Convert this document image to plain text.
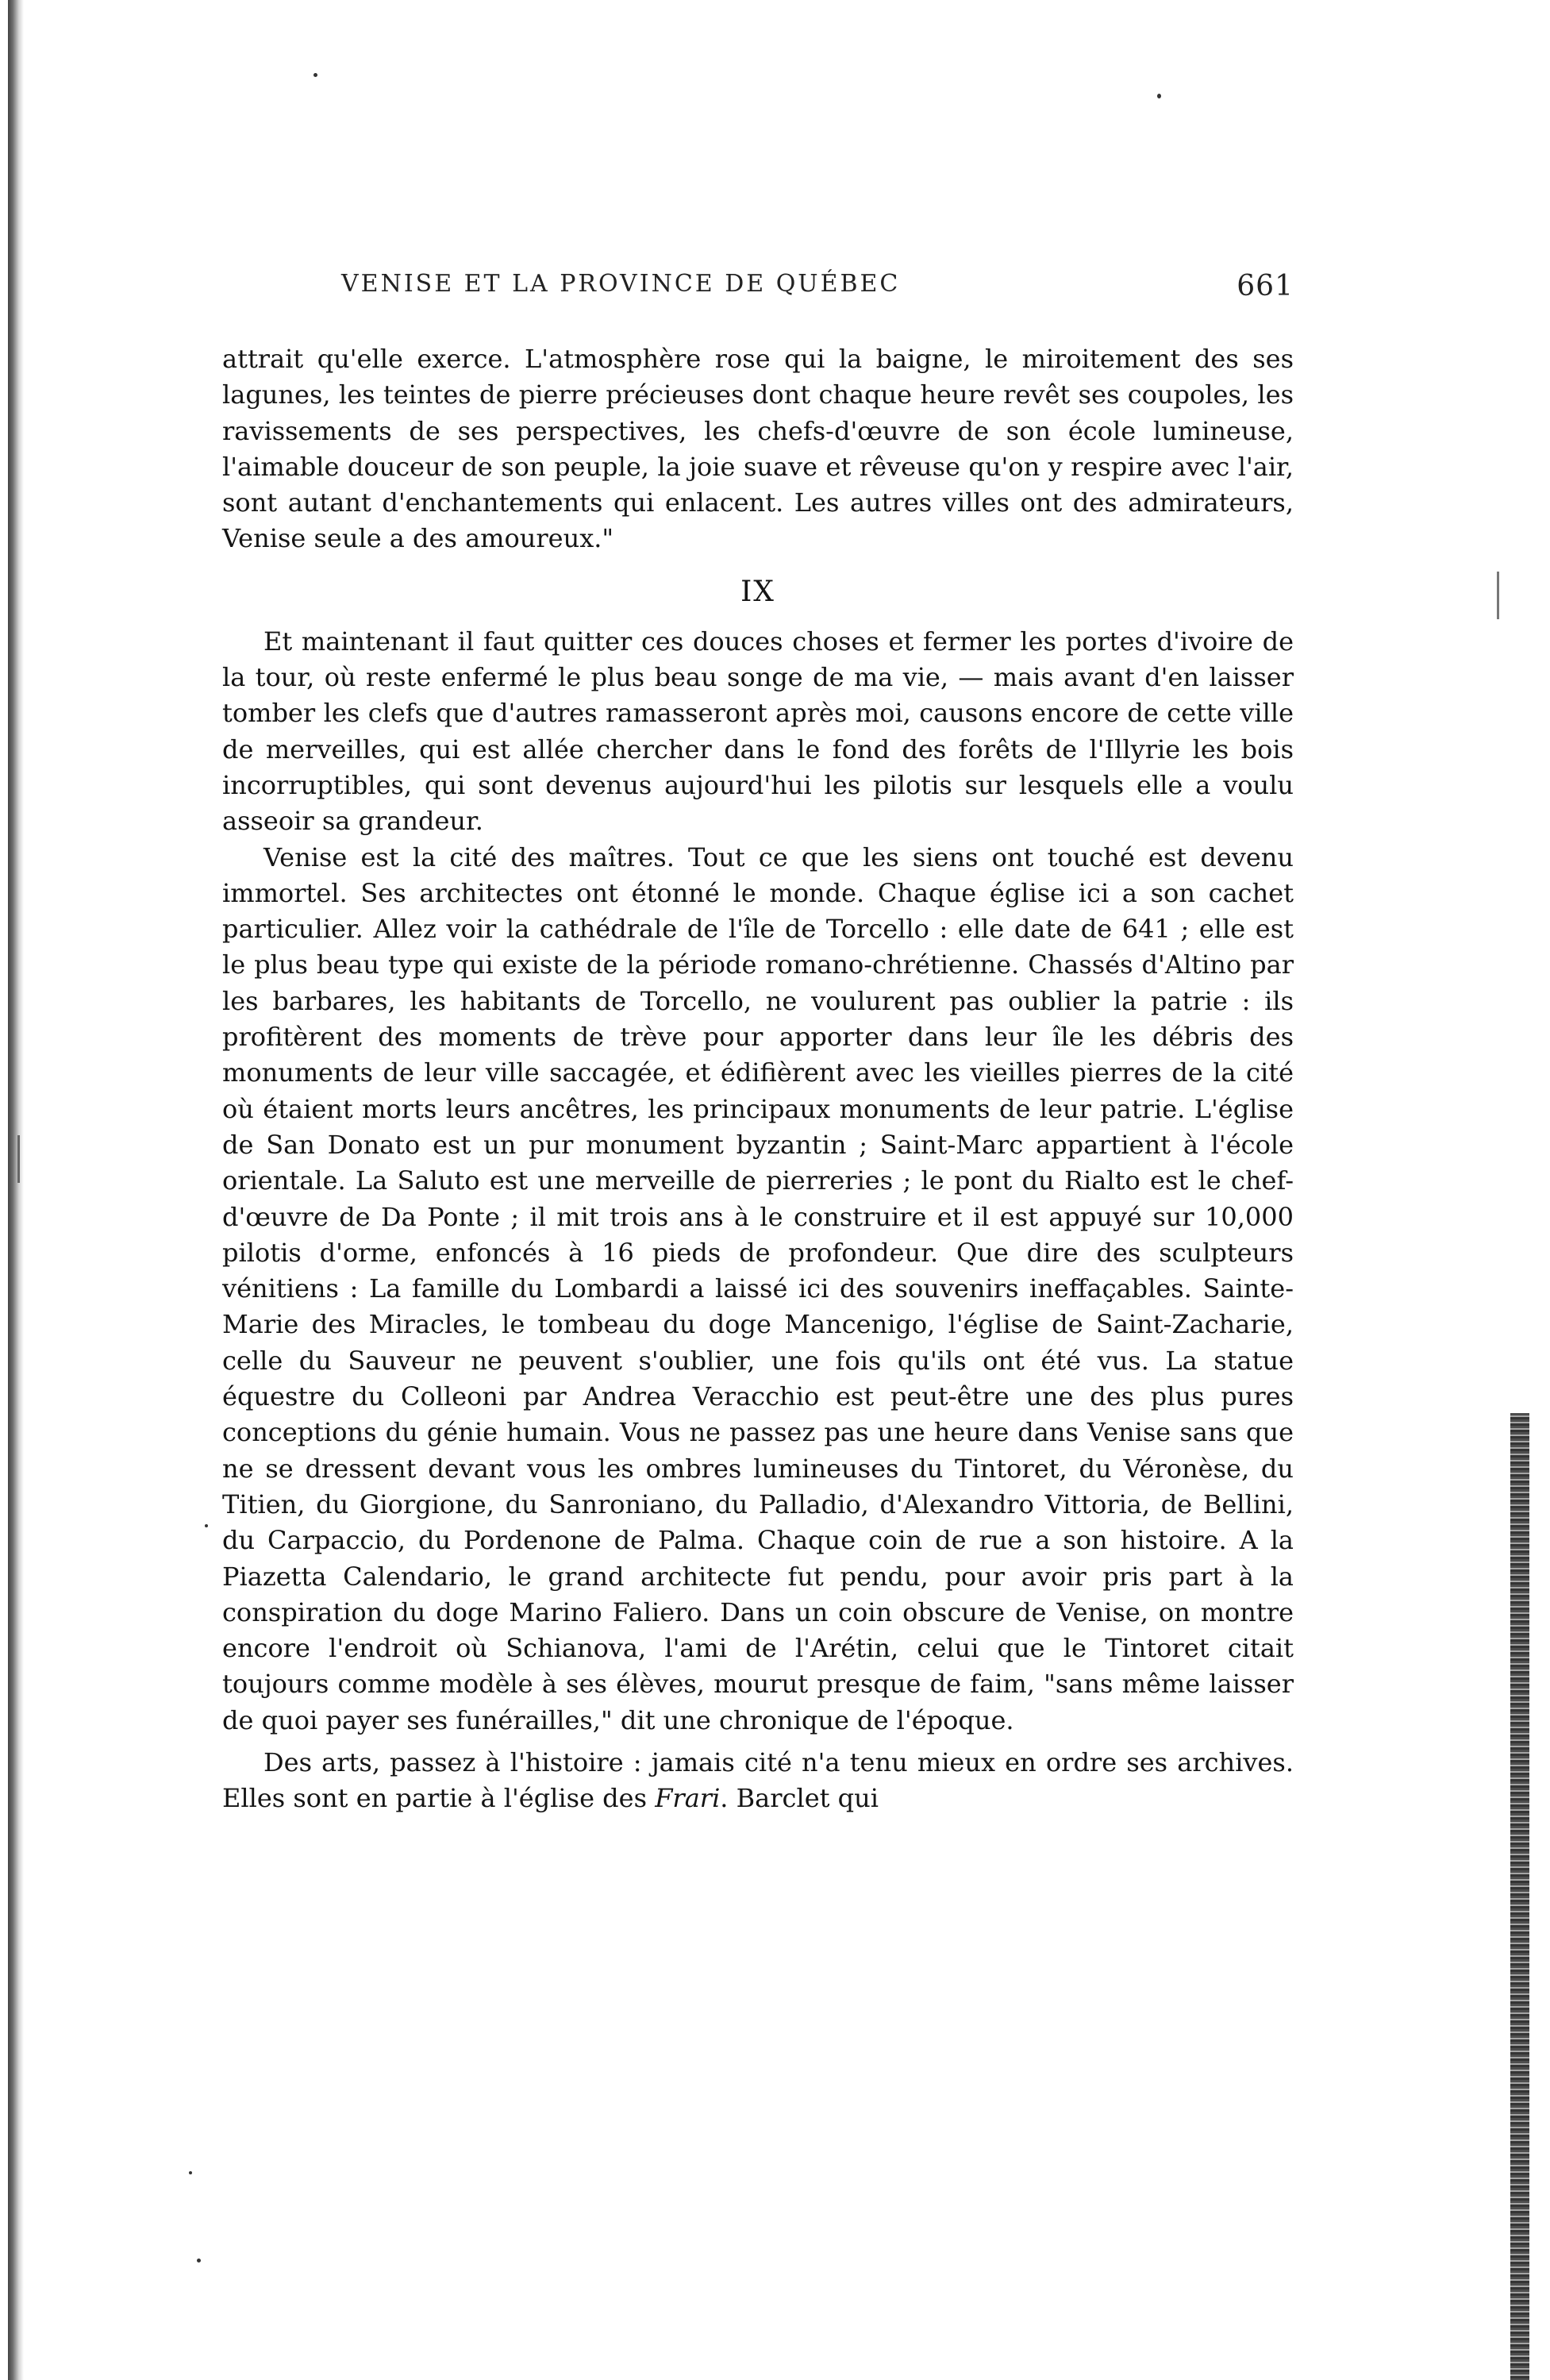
VENISE ET LA PROVINCE DE QUÉBEC	661

attrait qu'elle exerce. L'atmosphère rose qui la baigne, le miroitement des ses lagunes, les teintes de pierre précieuses dont chaque heure revêt ses coupoles, les ravissements de ses perspectives, les chefs-d'œuvre de son école lumineuse, l'aimable douceur de son peuple, la joie suave et rêveuse qu'on y respire avec l'air, sont autant d'enchantements qui enlacent. Les autres villes ont des admirateurs, Venise seule a des amoureux."

IX

Et maintenant il faut quitter ces douces choses et fermer les portes d'ivoire de la tour, où reste enfermé le plus beau songe de ma vie, — mais avant d'en laisser tomber les clefs que d'autres ramasseront après moi, causons encore de cette ville de merveilles, qui est allée chercher dans le fond des forêts de l'Illyrie les bois incorruptibles, qui sont devenus aujourd'hui les pilotis sur lesquels elle a voulu asseoir sa grandeur.

Venise est la cité des maîtres. Tout ce que les siens ont touché est devenu immortel. Ses architectes ont étonné le monde. Chaque église ici a son cachet particulier. Allez voir la cathédrale de l'île de Torcello : elle date de 641 ; elle est le plus beau type qui existe de la période romano-chrétienne. Chassés d'Altino par les barbares, les habitants de Torcello, ne voulurent pas oublier la patrie : ils profitèrent des moments de trève pour apporter dans leur île les débris des monuments de leur ville saccagée, et édifièrent avec les vieilles pierres de la cité où étaient morts leurs ancêtres, les principaux monuments de leur patrie. L'église de San Donato est un pur monument byzantin ; Saint-Marc appartient à l'école orientale. La Saluto est une merveille de pierreries ; le pont du Rialto est le chef-d'œuvre de Da Ponte ; il mit trois ans à le construire et il est appuyé sur 10,000 pilotis d'orme, enfoncés à 16 pieds de profondeur. Que dire des sculpteurs vénitiens : La famille du Lombardi a laissé ici des souvenirs ineffaçables. Sainte-Marie des Miracles, le tombeau du doge Mancenigo, l'église de Saint-Zacharie, celle du Sauveur ne peuvent s'oublier, une fois qu'ils ont été vus. La statue équestre du Colleoni par Andrea Veracchio est peut-être une des plus pures conceptions du génie humain. Vous ne passez pas une heure dans Venise sans que ne se dressent devant vous les ombres lumineuses du Tintoret, du Véronèse, du Titien, du Giorgione, du Sanroniano, du Palladio, d'Alexandro Vittoria, de Bellini, du Carpaccio, du Pordenone de Palma. Chaque coin de rue a son histoire. A la Piazetta Calendario, le grand architecte fut pendu, pour avoir pris part à la conspiration du doge Marino Faliero. Dans un coin obscure de Venise, on montre encore l'endroit où Schianova, l'ami de l'Arétin, celui que le Tintoret citait toujours comme modèle à ses élèves, mourut presque de faim, "sans même laisser de quoi payer ses funérailles," dit une chronique de l'époque.

Des arts, passez à l'histoire : jamais cité n'a tenu mieux en ordre ses archives. Elles sont en partie à l'église des Frari. Barclet qui
